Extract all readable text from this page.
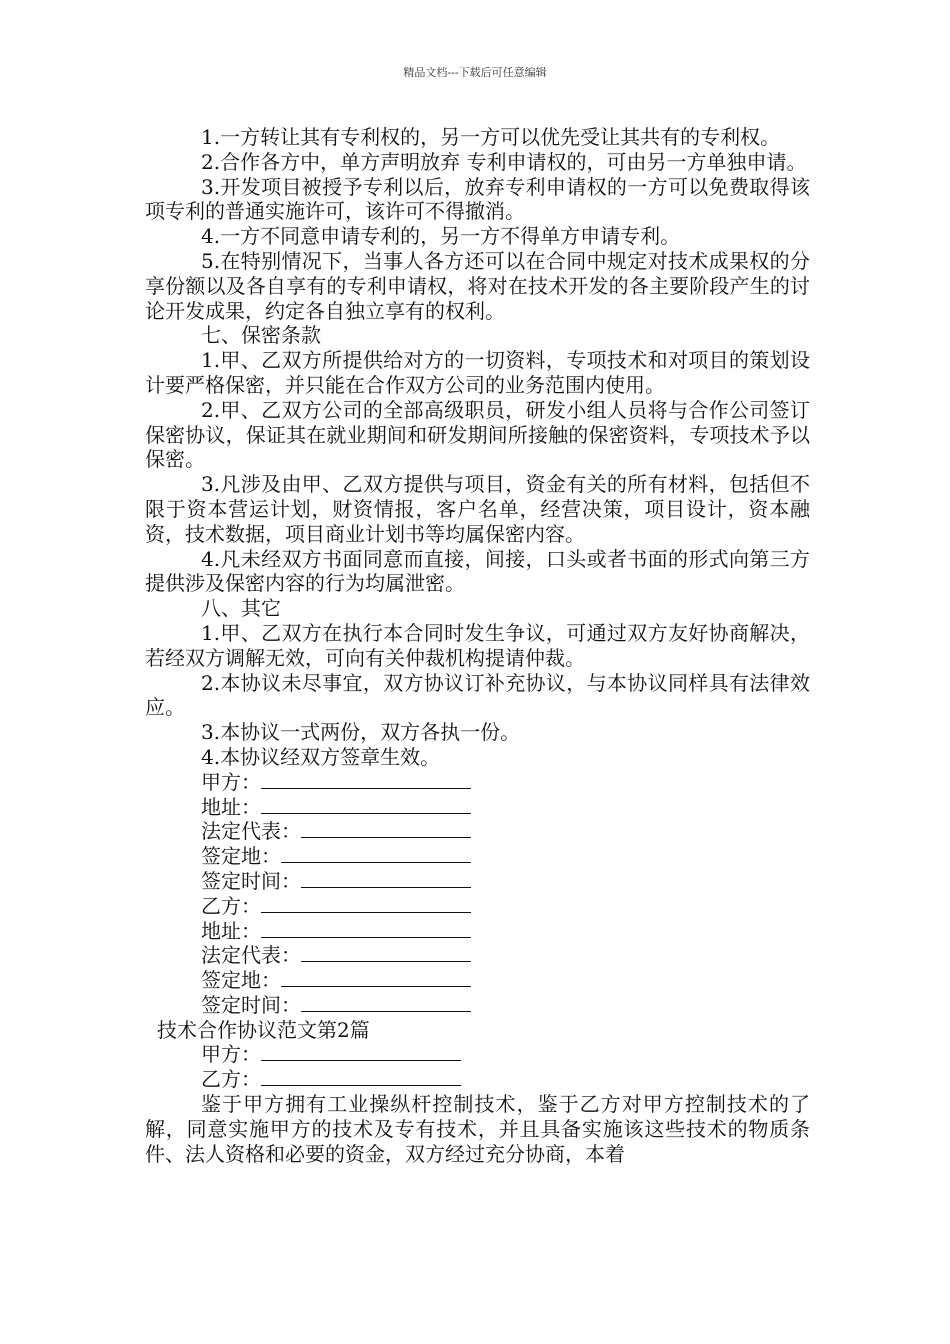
精品文档---下载后可任意编辑

1.一方转让其有专利权的，另一方可以优先受让其共有的专利权。

2.合作各方中，单方声明放弃 专利申请权的，可由另一方单独申请。

3.开发项目被授予专利以后，放弃专利申请权的一方可以免费取得该项专利的普通实施许可，该许可不得撤消。

4.一方不同意申请专利的，另一方不得单方申请专利。

5.在特别情况下，当事人各方还可以在合同中规定对技术成果权的分享份额以及各自享有的专利申请权，将对在技术开发的各主要阶段产生的讨论开发成果，约定各自独立享有的权利。

七、保密条款

1.甲、乙双方所提供给对方的一切资料，专项技术和对项目的策划设计要严格保密，并只能在合作双方公司的业务范围内使用。

2.甲、乙双方公司的全部高级职员，研发小组人员将与合作公司签订保密协议，保证其在就业期间和研发期间所接触的保密资料，专项技术予以保密。

3.凡涉及由甲、乙双方提供与项目，资金有关的所有材料，包括但不限于资本营运计划，财资情报，客户名单，经营决策，项目设计，资本融资，技术数据，项目商业计划书等均属保密内容。

4.凡未经双方书面同意而直接，间接，口头或者书面的形式向第三方提供涉及保密内容的行为均属泄密。

八、其它

1.甲、乙双方在执行本合同时发生争议，可通过双方友好协商解决，若经双方调解无效，可向有关仲裁机构提请仲裁。

2.本协议未尽事宜，双方协议订补充协议，与本协议同样具有法律效应。

3.本协议一式两份，双方各执一份。

4.本协议经双方签章生效。

甲方：

地址：

法定代表：

签定地：

签定时间：

乙方：

地址：

法定代表：

签定地：

签定时间：

技术合作协议范文第2篇

甲方：

乙方：

鉴于甲方拥有工业操纵杆控制技术，鉴于乙方对甲方控制技术的了解，同意实施甲方的技术及专有技术，并且具备实施该这些技术的物质条件、法人资格和必要的资金，双方经过充分协商，本着
